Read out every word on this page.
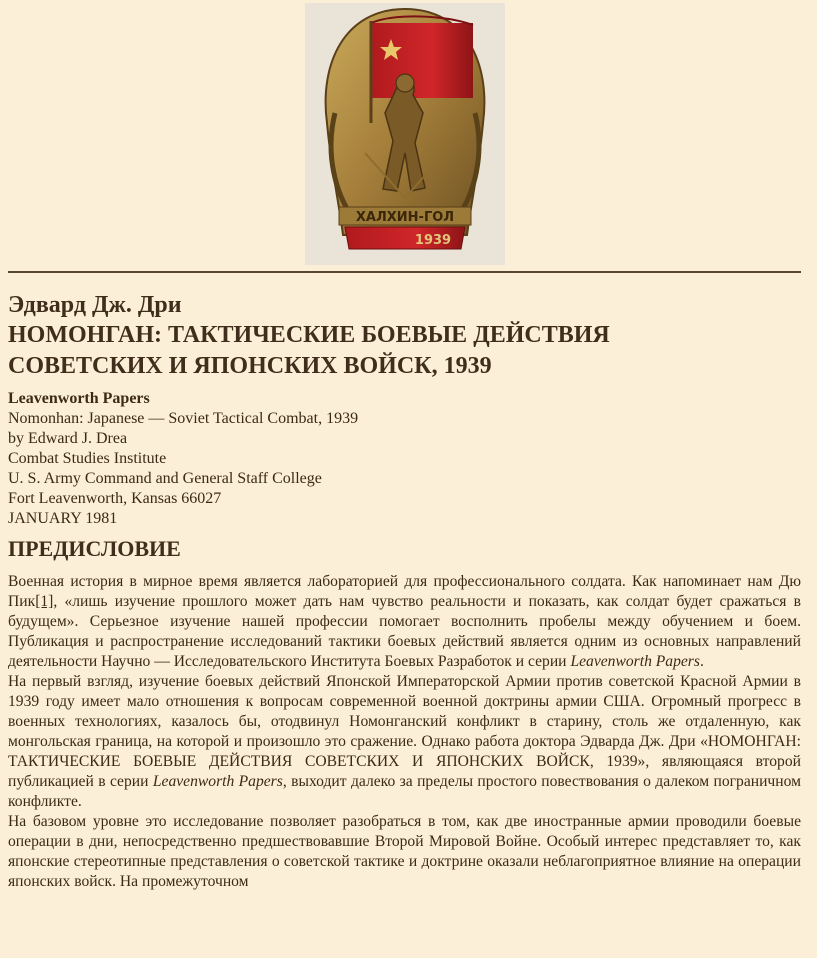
ХАЛХИН-ГОЛ
1939
Эдвард Дж. Дри
НОМОНГАН: ТАКТИЧЕСКИЕ БОЕВЫЕ ДЕЙСТВИЯ
СОВЕТСКИХ И ЯПОНСКИХ ВОЙСК, 1939
Leavenworth Papers
Nomonhan: Japanese — Soviet Tactical Combat, 1939
by Edward J. Drea
Combat Studies Institute
U. S. Army Command and General Staff College
Fort Leavenworth, Kansas 66027
JANUARY 1981
ПРЕДИСЛОВИЕ

Военная история в мирное время является лабораторией для профессионального солдата. Как напоминает нам Дю Пик[1], «лишь изучение прошлого может дать нам чувство реальности и показать, как солдат будет сражаться в будущем». Серьезное изучение нашей профессии помогает восполнить пробелы между обучением и боем. Публикация и распространение исследований тактики боевых действий является одним из основных направлений деятельности Научно — Исследовательского Института Боевых Разработок и серии Leavenworth Papers.

На первый взгляд, изучение боевых действий Японской Императорской Армии против советской Красной Армии в 1939 году имеет мало отношения к вопросам современной военной доктрины армии США. Огромный прогресс в военных технологиях, казалось бы, отодвинул Номонганский конфликт в старину, столь же отдаленную, как монгольская граница, на которой и произошло это сражение. Однако работа доктора Эдварда Дж. Дри «НОМОНГАН: ТАКТИЧЕСКИЕ БОЕВЫЕ ДЕЙСТВИЯ СОВЕТСКИХ И ЯПОНСКИХ ВОЙСК, 1939», являющаяся второй публикацией в серии Leavenworth Papers, выходит далеко за пределы простого повествования о далеком пограничном конфликте.

На базовом уровне это исследование позволяет разобраться в том, как две иностранные армии проводили боевые операции в дни, непосредственно предшествовавшие Второй Мировой Войне. Особый интерес представляет то, как японские стереотипные представления о советской тактике и доктрине оказали неблагоприятное влияние на операции японских войск. На промежуточном
